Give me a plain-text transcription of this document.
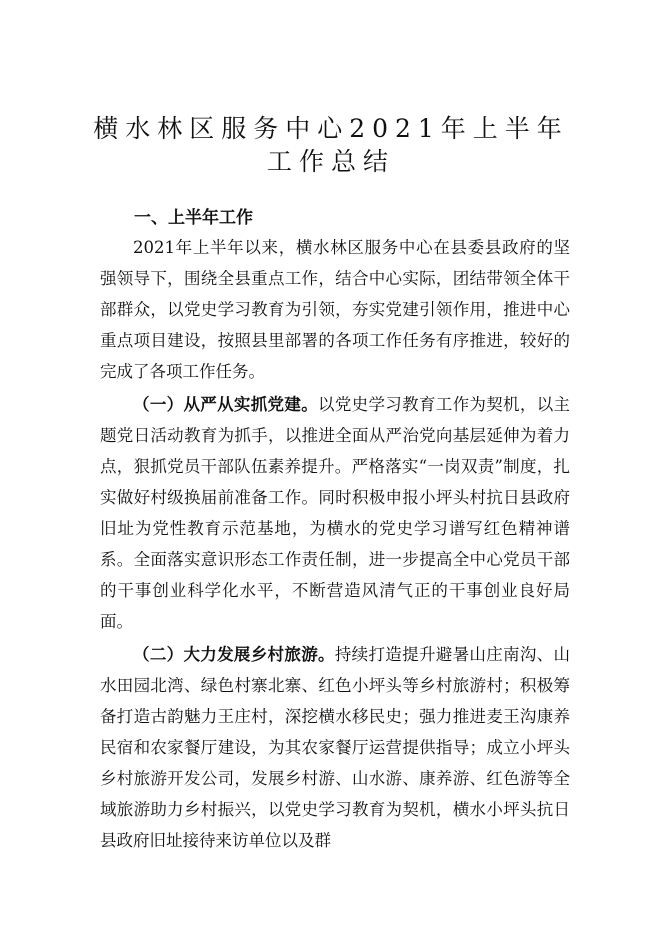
横水林区服务中心2021年上半年
工作总结
一、上半年工作

2021年上半年以来，横水林区服务中心在县委县政府的坚强领导下，围绕全县重点工作，结合中心实际，团结带领全体干部群众，以党史学习教育为引领，夯实党建引领作用，推进中心重点项目建设，按照县里部署的各项工作任务有序推进，较好的完成了各项工作任务。

（一）从严从实抓党建。以党史学习教育工作为契机，以主题党日活动教育为抓手，以推进全面从严治党向基层延伸为着力点，狠抓党员干部队伍素养提升。严格落实“一岗双责”制度，扎实做好村级换届前准备工作。同时积极申报小坪头村抗日县政府旧址为党性教育示范基地，为横水的党史学习谱写红色精神谱系。全面落实意识形态工作责任制，进一步提高全中心党员干部的干事创业科学化水平，不断营造风清气正的干事创业良好局面。

（二）大力发展乡村旅游。持续打造提升避暑山庄南沟、山水田园北湾、绿色村寨北寨、红色小坪头等乡村旅游村；积极筹备打造古韵魅力王庄村，深挖横水移民史；强力推进麦王沟康养民宿和农家餐厅建设，为其农家餐厅运营提供指导；成立小坪头乡村旅游开发公司，发展乡村游、山水游、康养游、红色游等全域旅游助力乡村振兴，以党史学习教育为契机，横水小坪头抗日县政府旧址接待来访单位以及群
